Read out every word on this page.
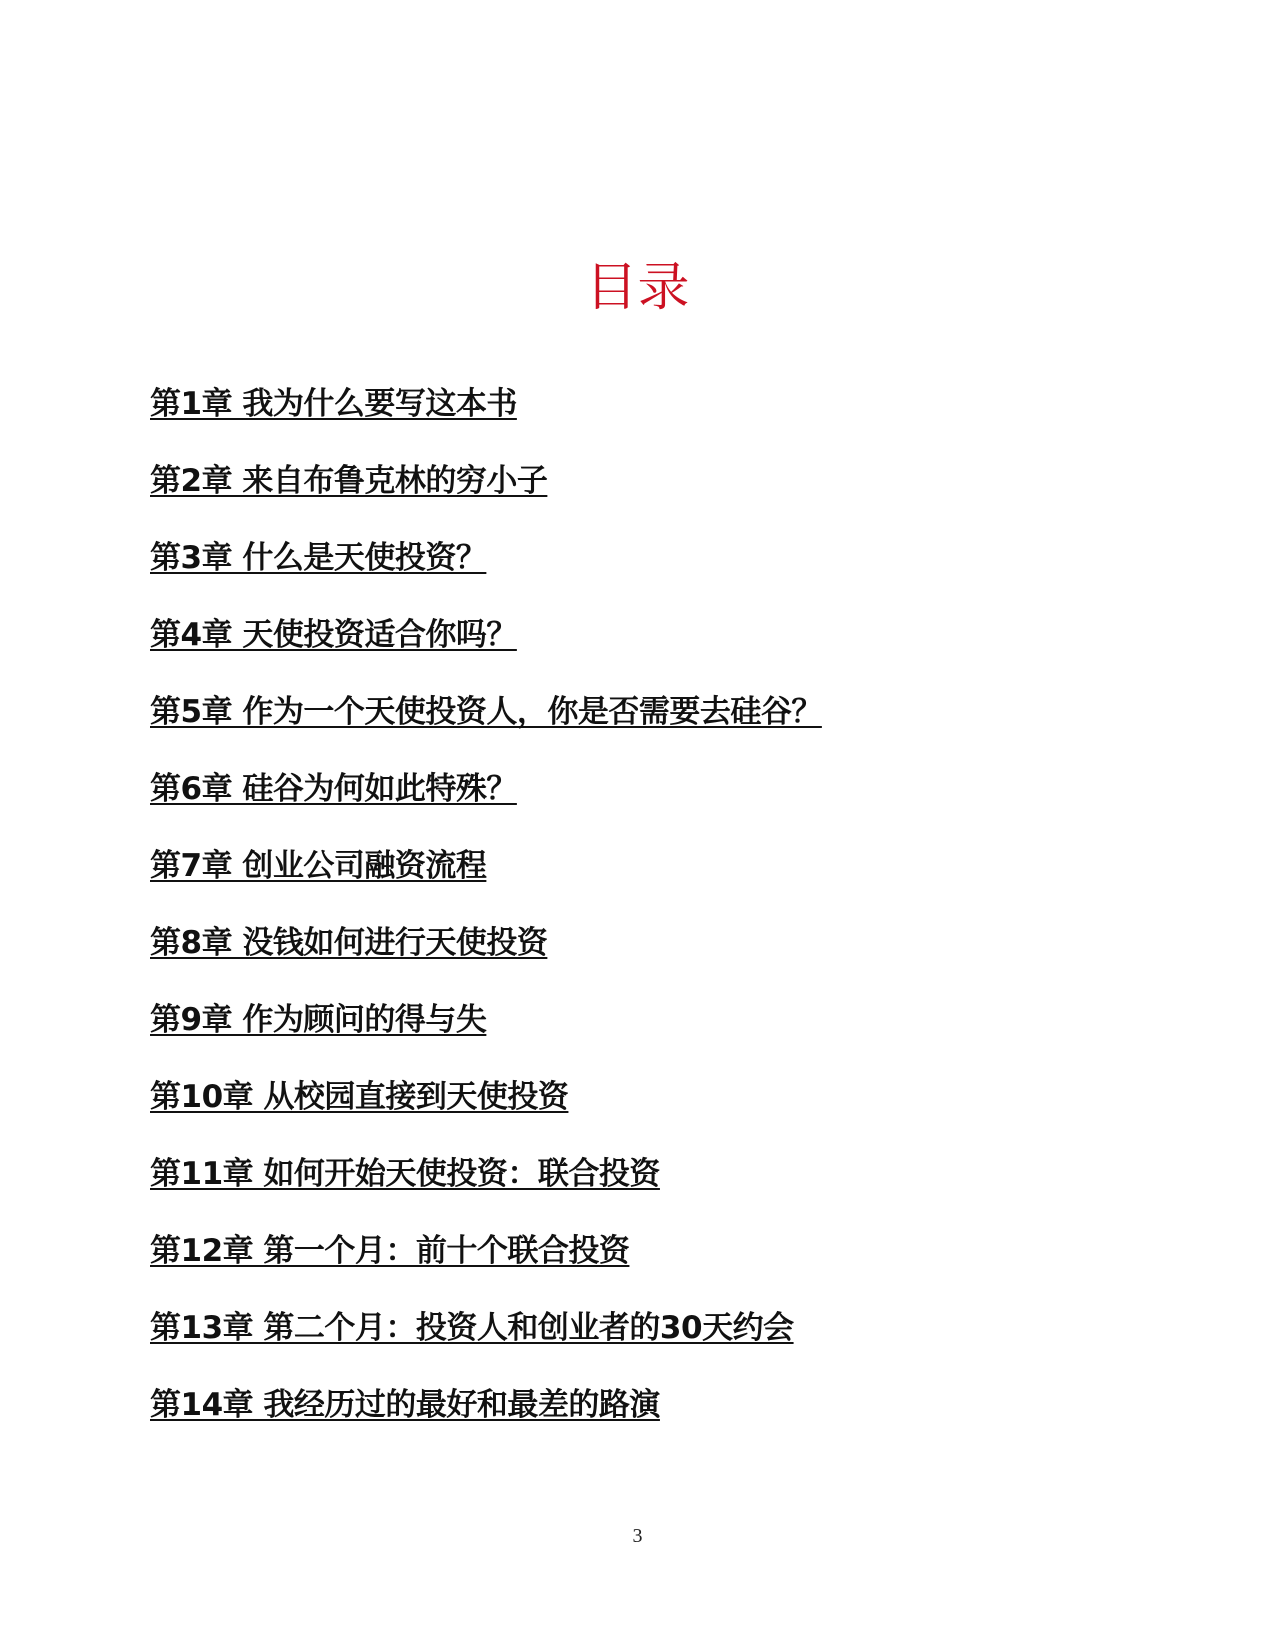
目录
第1章 我为什么要写这本书
第2章 来自布鲁克林的穷小子
第3章 什么是天使投资？
第4章 天使投资适合你吗？
第5章 作为一个天使投资人，你是否需要去硅谷？
第6章 硅谷为何如此特殊？
第7章 创业公司融资流程
第8章 没钱如何进行天使投资
第9章 作为顾问的得与失
第10章 从校园直接到天使投资
第11章 如何开始天使投资：联合投资
第12章 第一个月：前十个联合投资
第13章 第二个月：投资人和创业者的30天约会
第14章 我经历过的最好和最差的路演
3
